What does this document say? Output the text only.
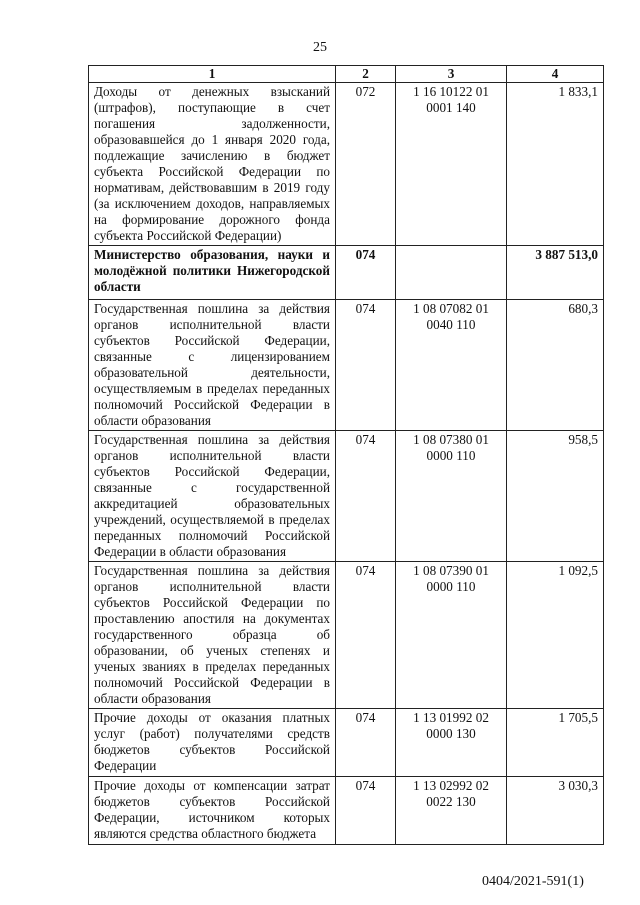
25
1	2	3	4
Доходы от денежных взысканий (штрафов), поступающие в счет погашения задолженности, образовавшейся до 1 января 2020 года, подлежащие зачислению в бюджет субъекта Российской Федерации по нормативам, действовавшим в 2019 году (за исключением доходов, направляемых на формирование дорожного фонда субъекта Российской Федерации)	072	1 16 10122 01 0001 140	1 833,1
Министерство образования, науки и молодёжной политики Нижегородской области	074		3 887 513,0
Государственная пошлина за действия органов исполнительной власти субъектов Российской Федерации, связанные с лицензированием образовательной деятельности, осуществляемым в пределах переданных полномочий Российской Федерации в области образования	074	1 08 07082 01 0040 110	680,3
Государственная пошлина за действия органов исполнительной власти субъектов Российской Федерации, связанные с государственной аккредитацией образовательных учреждений, осуществляемой в пределах переданных полномочий Российской Федерации в области образования	074	1 08 07380 01 0000 110	958,5
Государственная пошлина за действия органов исполнительной власти субъектов Российской Федерации по проставлению апостиля на документах государственного образца об образовании, об ученых степенях и ученых званиях в пределах переданных полномочий Российской Федерации в области образования	074	1 08 07390 01 0000 110	1 092,5
Прочие доходы от оказания платных услуг (работ) получателями средств бюджетов субъектов Российской Федерации	074	1 13 01992 02 0000 130	1 705,5
Прочие доходы от компенсации затрат бюджетов субъектов Российской Федерации, источником которых являются средства областного бюджета	074	1 13 02992 02 0022 130	3 030,3
0404/2021-591(1)
